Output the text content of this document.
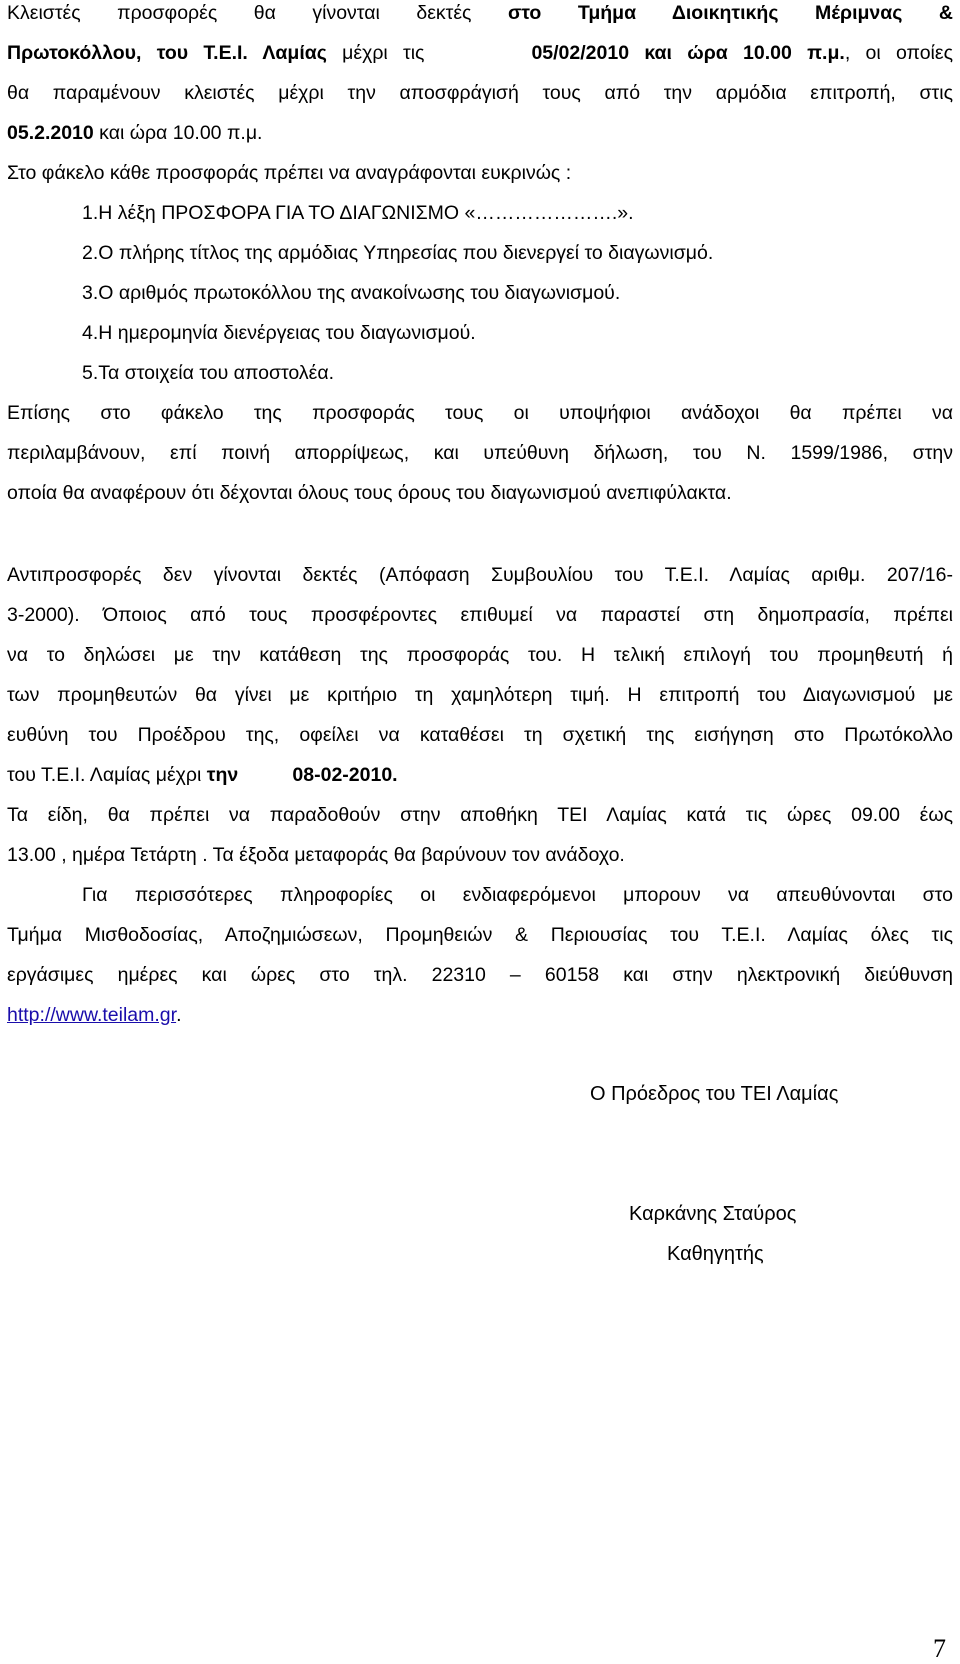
Κλειστές προσφορές θα γίνονται δεκτές στο Τμήμα Διοικητικής Μέριμνας &
Πρωτοκόλλου, του Τ.Ε.Ι. Λαμίας μέχρι τις	05/02/2010 και ώρα 10.00 π.μ., οι οποίες
θα παραμένουν κλειστές μέχρι την αποσφράγισή τους από την αρμόδια επιτροπή, στις
05.2.2010 και ώρα 10.00 π.μ.
Στο φάκελο κάθε προσφοράς πρέπει να αναγράφονται ευκρινώς :
1.Η λέξη ΠΡΟΣΦΟΡΑ ΓΙΑ ΤΟ ΔΙΑΓΩΝΙΣΜΟ «………………….».
2.Ο πλήρης τίτλος της αρμόδιας Υπηρεσίας που διενεργεί το διαγωνισμό.
3.Ο αριθμός πρωτοκόλλου της ανακοίνωσης του διαγωνισμού.
4.Η ημερομηνία διενέργειας του διαγωνισμού.
5.Τα στοιχεία του αποστολέα.
Επίσης στο φάκελο της προσφοράς τους οι υποψήφιοι ανάδοχοι θα πρέπει να
περιλαμβάνουν, επί ποινή απορρίψεως, και υπεύθυνη δήλωση, του Ν. 1599/1986, στην
οποία θα αναφέρουν ότι δέχονται όλους τους όρους του διαγωνισμού ανεπιφύλακτα.
Αντιπροσφορές δεν γίνονται δεκτές (Απόφαση Συμβουλίου του Τ.Ε.Ι. Λαμίας αριθμ. 207/16-
3-2000). Όποιος από τους προσφέροντες επιθυμεί να παραστεί στη δημοπρασία, πρέπει
να το δηλώσει με την κατάθεση της προσφοράς του. Η τελική επιλογή του προμηθευτή ή
των προμηθευτών θα γίνει με κριτήριο τη χαμηλότερη τιμή. Η επιτροπή του Διαγωνισμού με
ευθύνη του Προέδρου της, οφείλει να καταθέσει τη σχετική της εισήγηση στο Πρωτόκολλο
του Τ.Ε.Ι. Λαμίας μέχρι την	08-02-2010.
Τα είδη, θα πρέπει να παραδοθούν στην αποθήκη ΤΕΙ Λαμίας κατά τις ώρες 09.00 έως
13.00 , ημέρα Τετάρτη . Τα έξοδα μεταφοράς θα βαρύνουν τον ανάδοχο.
Για περισσότερες πληροφορίες οι ενδιαφερόμενοι μπορουν να απευθύνονται στο
Τμήμα Μισθοδοσίας, Αποζημιώσεων, Προμηθειών & Περιουσίας του Τ.Ε.Ι. Λαμίας όλες τις
εργάσιμες ημέρες και ώρες στο τηλ. 22310 – 60158 και στην ηλεκτρονική διεύθυνση
http://www.teilam.gr.
Ο Πρόεδρος του ΤΕΙ Λαμίας
Καρκάνης Σταύρος
Καθηγητής
7
